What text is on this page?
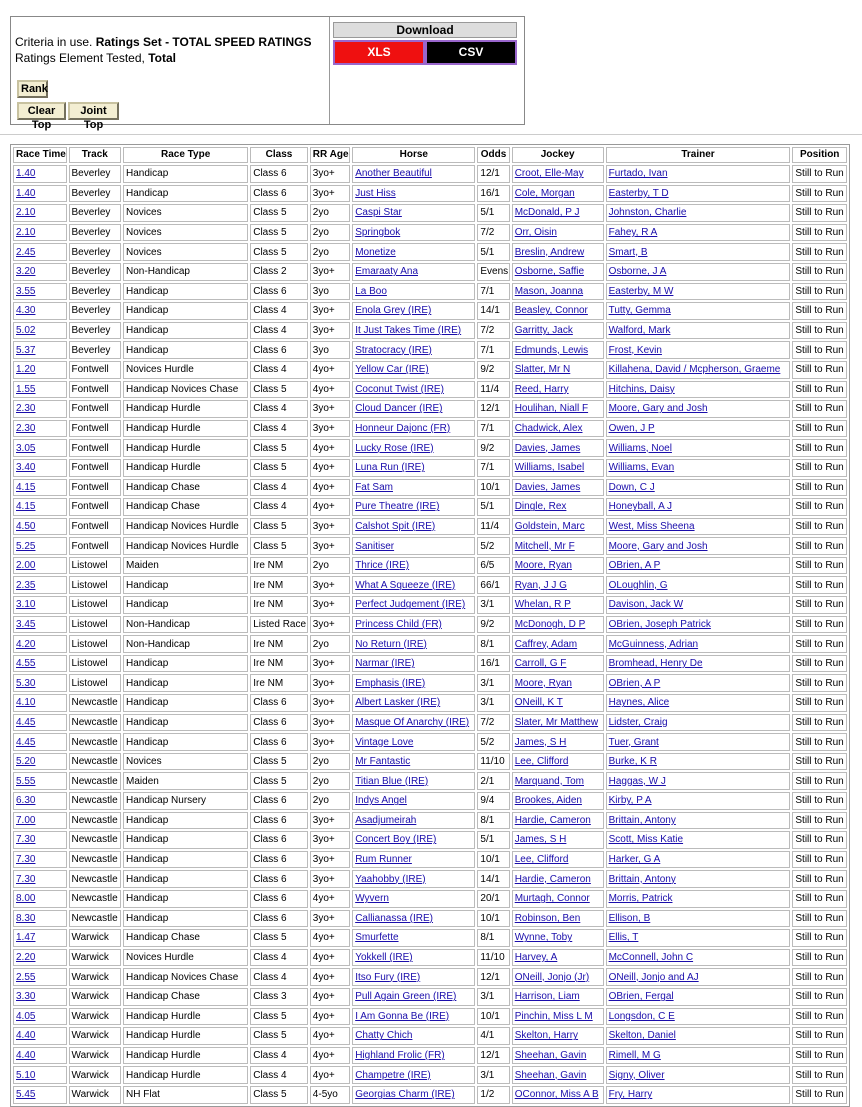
Criteria in use. Ratings Set - TOTAL SPEED RATINGS
Ratings Element Tested, Total
Rank
Clear Top
Joint Top
Download
XLS	CSV
Race Time	Track	Race Type	Class	RR Age	Horse	Odds	Jockey	Trainer	Position
1.40	Beverley	Handicap	Class 6	3yo+	Another Beautiful	12/1	Croot, Elle-May	Furtado, Ivan	Still to Run
1.40	Beverley	Handicap	Class 6	3yo+	Just Hiss	16/1	Cole, Morgan	Easterby, T D	Still to Run
2.10	Beverley	Novices	Class 5	2yo	Caspi Star	5/1	McDonald, P J	Johnston, Charlie	Still to Run
2.10	Beverley	Novices	Class 5	2yo	Springbok	7/2	Orr, Oisin	Fahey, R A	Still to Run
2.45	Beverley	Novices	Class 5	2yo	Monetize	5/1	Breslin, Andrew	Smart, B	Still to Run
3.20	Beverley	Non-Handicap	Class 2	3yo+	Emaraaty Ana	Evens	Osborne, Saffie	Osborne, J A	Still to Run
3.55	Beverley	Handicap	Class 6	3yo	La Boo	7/1	Mason, Joanna	Easterby, M W	Still to Run
4.30	Beverley	Handicap	Class 4	3yo+	Enola Grey (IRE)	14/1	Beasley, Connor	Tutty, Gemma	Still to Run
5.02	Beverley	Handicap	Class 4	3yo+	It Just Takes Time (IRE)	7/2	Garritty, Jack	Walford, Mark	Still to Run
5.37	Beverley	Handicap	Class 6	3yo	Stratocracy (IRE)	7/1	Edmunds, Lewis	Frost, Kevin	Still to Run
1.20	Fontwell	Novices Hurdle	Class 4	4yo+	Yellow Car (IRE)	9/2	Slatter, Mr N	Killahena, David / Mcpherson, Graeme	Still to Run
1.55	Fontwell	Handicap Novices Chase	Class 5	4yo+	Coconut Twist (IRE)	11/4	Reed, Harry	Hitchins, Daisy	Still to Run
2.30	Fontwell	Handicap Hurdle	Class 4	3yo+	Cloud Dancer (IRE)	12/1	Houlihan, Niall F	Moore, Gary and Josh	Still to Run
2.30	Fontwell	Handicap Hurdle	Class 4	3yo+	Honneur Dajonc (FR)	7/1	Chadwick, Alex	Owen, J P	Still to Run
3.05	Fontwell	Handicap Hurdle	Class 5	4yo+	Lucky Rose (IRE)	9/2	Davies, James	Williams, Noel	Still to Run
3.40	Fontwell	Handicap Hurdle	Class 5	4yo+	Luna Run (IRE)	7/1	Williams, Isabel	Williams, Evan	Still to Run
4.15	Fontwell	Handicap Chase	Class 4	4yo+	Fat Sam	10/1	Davies, James	Down, C J	Still to Run
4.15	Fontwell	Handicap Chase	Class 4	4yo+	Pure Theatre (IRE)	5/1	Dingle, Rex	Honeyball, A J	Still to Run
4.50	Fontwell	Handicap Novices Hurdle	Class 5	3yo+	Calshot Spit (IRE)	11/4	Goldstein, Marc	West, Miss Sheena	Still to Run
5.25	Fontwell	Handicap Novices Hurdle	Class 5	3yo+	Sanitiser	5/2	Mitchell, Mr F	Moore, Gary and Josh	Still to Run
2.00	Listowel	Maiden	Ire NM	2yo	Thrice (IRE)	6/5	Moore, Ryan	OBrien, A P	Still to Run
2.35	Listowel	Handicap	Ire NM	3yo+	What A Squeeze (IRE)	66/1	Ryan, J J G	OLoughlin, G	Still to Run
3.10	Listowel	Handicap	Ire NM	3yo+	Perfect Judgement (IRE)	3/1	Whelan, R P	Davison, Jack W	Still to Run
3.45	Listowel	Non-Handicap	Listed Race	3yo+	Princess Child (FR)	9/2	McDonogh, D P	OBrien, Joseph Patrick	Still to Run
4.20	Listowel	Non-Handicap	Ire NM	2yo	No Return (IRE)	8/1	Caffrey, Adam	McGuinness, Adrian	Still to Run
4.55	Listowel	Handicap	Ire NM	3yo+	Narmar (IRE)	16/1	Carroll, G F	Bromhead, Henry De	Still to Run
5.30	Listowel	Handicap	Ire NM	3yo+	Emphasis (IRE)	3/1	Moore, Ryan	OBrien, A P	Still to Run
4.10	Newcastle	Handicap	Class 6	3yo+	Albert Lasker (IRE)	3/1	ONeill, K T	Haynes, Alice	Still to Run
4.45	Newcastle	Handicap	Class 6	3yo+	Masque Of Anarchy (IRE)	7/2	Slater, Mr Matthew	Lidster, Craig	Still to Run
4.45	Newcastle	Handicap	Class 6	3yo+	Vintage Love	5/2	James, S H	Tuer, Grant	Still to Run
5.20	Newcastle	Novices	Class 5	2yo	Mr Fantastic	11/10	Lee, Clifford	Burke, K R	Still to Run
5.55	Newcastle	Maiden	Class 5	2yo	Titian Blue (IRE)	2/1	Marquand, Tom	Haggas, W J	Still to Run
6.30	Newcastle	Handicap Nursery	Class 6	2yo	Indys Angel	9/4	Brookes, Aiden	Kirby, P A	Still to Run
7.00	Newcastle	Handicap	Class 6	3yo+	Asadjumeirah	8/1	Hardie, Cameron	Brittain, Antony	Still to Run
7.30	Newcastle	Handicap	Class 6	3yo+	Concert Boy (IRE)	5/1	James, S H	Scott, Miss Katie	Still to Run
7.30	Newcastle	Handicap	Class 6	3yo+	Rum Runner	10/1	Lee, Clifford	Harker, G A	Still to Run
7.30	Newcastle	Handicap	Class 6	3yo+	Yaahobby (IRE)	14/1	Hardie, Cameron	Brittain, Antony	Still to Run
8.00	Newcastle	Handicap	Class 6	4yo+	Wyvern	20/1	Murtagh, Connor	Morris, Patrick	Still to Run
8.30	Newcastle	Handicap	Class 6	3yo+	Callianassa (IRE)	10/1	Robinson, Ben	Ellison, B	Still to Run
1.47	Warwick	Handicap Chase	Class 5	4yo+	Smurfette	8/1	Wynne, Toby	Ellis, T	Still to Run
2.20	Warwick	Novices Hurdle	Class 4	4yo+	Yokkell (IRE)	11/10	Harvey, A	McConnell, John C	Still to Run
2.55	Warwick	Handicap Novices Chase	Class 4	4yo+	Itso Fury (IRE)	12/1	ONeill, Jonjo (Jr)	ONeill, Jonjo and AJ	Still to Run
3.30	Warwick	Handicap Chase	Class 3	4yo+	Pull Again Green (IRE)	3/1	Harrison, Liam	OBrien, Fergal	Still to Run
4.05	Warwick	Handicap Hurdle	Class 5	4yo+	I Am Gonna Be (IRE)	10/1	Pinchin, Miss L M	Longsdon, C E	Still to Run
4.40	Warwick	Handicap Hurdle	Class 5	4yo+	Chatty Chich	4/1	Skelton, Harry	Skelton, Daniel	Still to Run
4.40	Warwick	Handicap Hurdle	Class 4	4yo+	Highland Frolic (FR)	12/1	Sheehan, Gavin	Rimell, M G	Still to Run
5.10	Warwick	Handicap Hurdle	Class 4	4yo+	Champetre (IRE)	3/1	Sheehan, Gavin	Signy, Oliver	Still to Run
5.45	Warwick	NH Flat	Class 5	4-5yo	Georgias Charm (IRE)	1/2	OConnor, Miss A B	Fry, Harry	Still to Run
